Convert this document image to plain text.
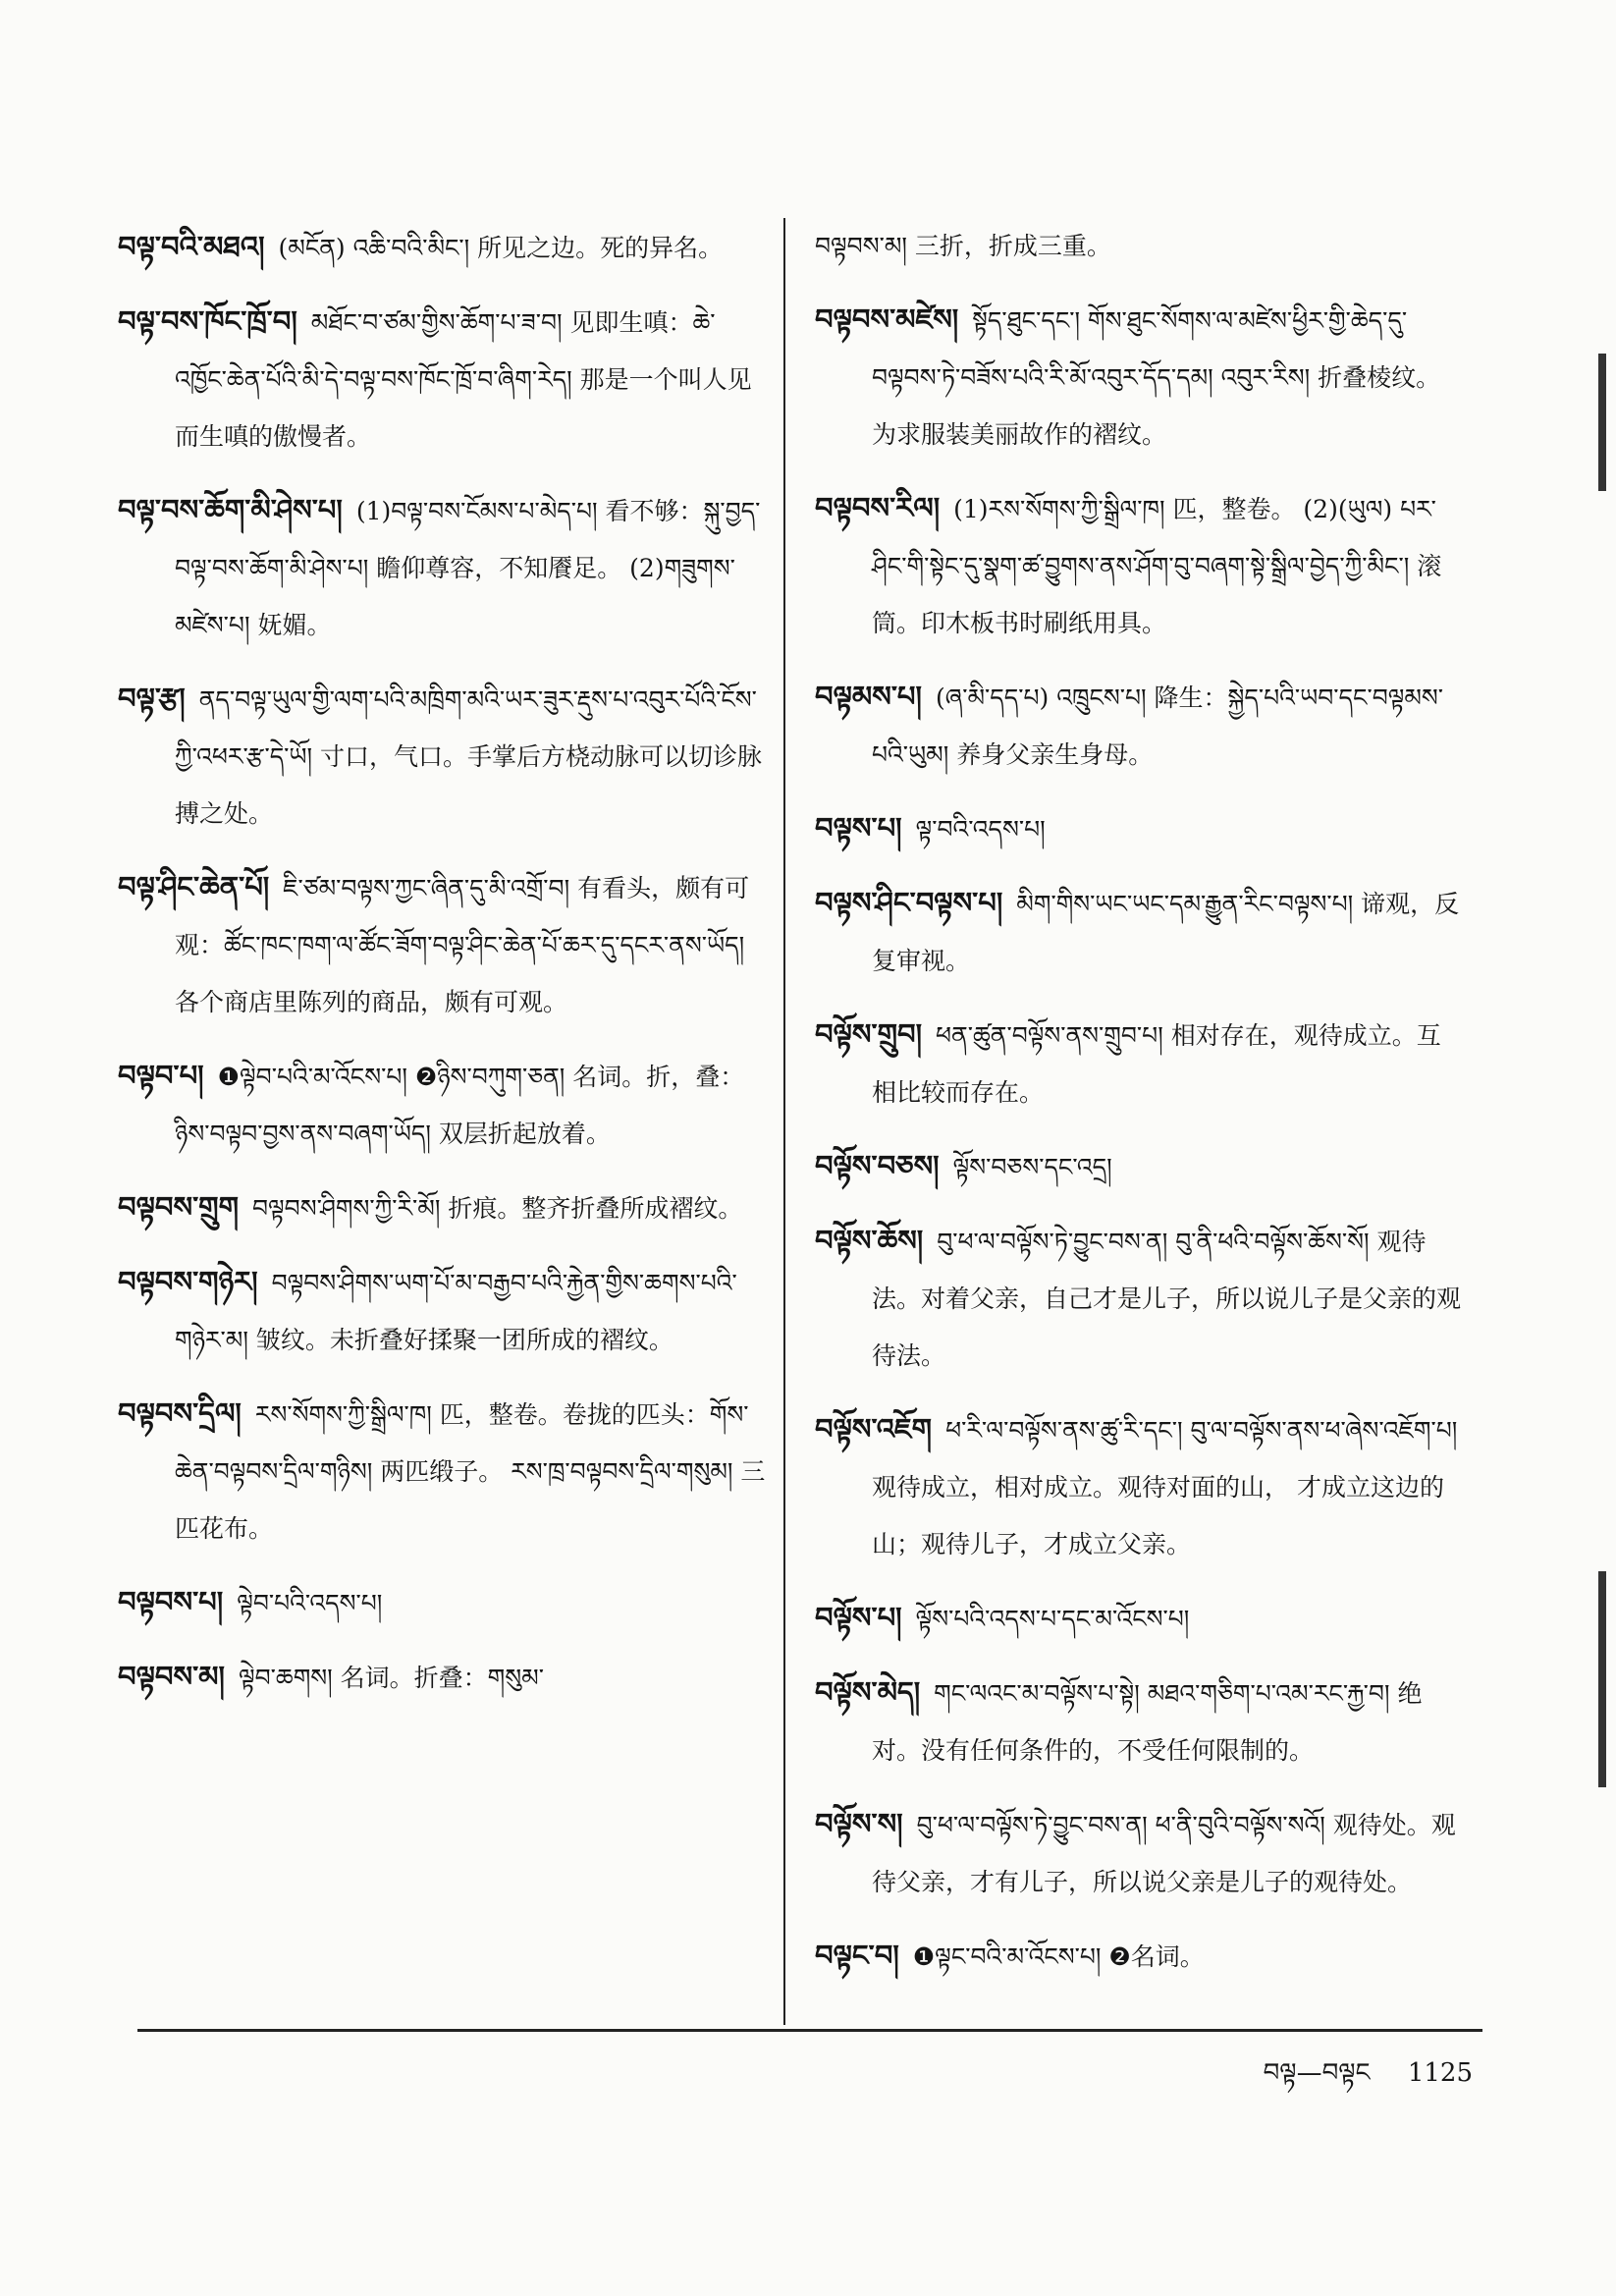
བལྟ་བའི་མཐའ། (མངོན) འཆི་བའི་མིང་། 所见之边。死的异名。

བལྟ་བས་ཁོང་ཁྲོ་བ། མཐོང་བ་ཙམ་གྱིས་ཆོག་པ་ཟ་བ། 见即生嗔：ཆེ་འཁྱོང་ཆེན་པོའི་མི་དེ་བལྟ་བས་ཁོང་ཁྲོ་བ་ཞིག་རེད། 那是一个叫人见而生嗔的傲慢者。

བལྟ་བས་ཆོག་མི་ཤེས་པ། (1)བལྟ་བས་ངོམས་པ་མེད་པ། 看不够：སྐུ་བྱད་བལྟ་བས་ཆོག་མི་ཤེས་པ། 瞻仰尊容，不知餍足。 (2)གཟུགས་མཛེས་པ། 妩媚。

བལྟ་རྩ། ནད་བལྟ་ཡུལ་གྱི་ལག་པའི་མཁྲིག་མའི་ཡར་ཟུར་རྡུས་པ་འབུར་པོའི་ངོས་ཀྱི་འཕར་རྩ་དེ་ཡོ། 寸口，气口。手掌后方桡动脉可以切诊脉搏之处。

བལྟ་ཤིང་ཆེན་པོ། ཇི་ཙམ་བལྟས་ཀྱང་ཞིན་དུ་མི་འགྲོ་བ། 有看头，颇有可观：ཚོང་ཁང་ཁག་ལ་ཚོང་ཟོག་བལྟ་ཤིང་ཆེན་པོ་ཆར་དུ་དངར་ནས་ཡོད། 各个商店里陈列的商品，颇有可观。

བལྟབ་པ། ❶ལྟེབ་པའི་མ་འོངས་པ། ❷ཉིས་བཀུག་ཅན། 名词。折，叠：ཉིས་བལྟབ་བྱས་ནས་བཞག་ཡོད། 双层折起放着。

བལྟབས་གྲུག བལྟབས་ཤིགས་ཀྱི་རི་མོ། 折痕。整齐折叠所成褶纹。

བལྟབས་གཉེར། བལྟབས་ཤིགས་ཡག་པོ་མ་བརྒྱབ་པའི་རྐྱེན་གྱིས་ཆགས་པའི་གཉེར་མ། 皱纹。未折叠好揉聚一团所成的褶纹。

བལྟབས་དྲིལ། རས་སོགས་ཀྱི་སྒྲིལ་ཁ། 匹，整卷。卷拢的匹头：གོས་ཆེན་བལྟབས་དྲིལ་གཉིས། 两匹缎子。 རས་ཁྲ་བལྟབས་དྲིལ་གསུམ། 三匹花布。

བལྟབས་པ། ལྟེབ་པའི་འདས་པ།

བལྟབས་མ། ལྟེབ་ཆགས། 名词。折叠：གསུམ་

བལྟབས་མ། 三折，折成三重。

བལྟབས་མཛེས། སྟོད་ཐུང་དང་། གོས་ཐུང་སོགས་ལ་མཛེས་ཕྱིར་གྱི་ཆེད་དུ་བལྟབས་ཏེ་བཟོས་པའི་རི་མོ་འབུར་དོད་དམ། འབུར་རིས། 折叠棱纹。为求服装美丽故作的褶纹。

བལྟབས་རིལ། (1)རས་སོགས་ཀྱི་སྒྲིལ་ཁ། 匹，整卷。 (2)(ཡུལ) པར་ཤིང་གི་སྟེང་དུ་སྣག་ཚ་བྱུགས་ནས་ཤོག་བུ་བཞག་སྟེ་སྒྲིལ་བྱེད་ཀྱི་མིང་། 滚筒。印木板书时刷纸用具。

བལྟམས་པ། (ཞ་མི་དད་པ) འཁྲུངས་པ། 降生：སྐྱེད་པའི་ཡབ་དང་བལྟམས་པའི་ཡུམ། 养身父亲生身母。

བལྟས་པ། ལྟ་བའི་འདས་པ།

བལྟས་ཤིང་བལྟས་པ། མིག་གིས་ཡང་ཡང་དམ་རྒྱུན་རིང་བལྟས་པ། 谛观，反复审视。

བལྟོས་གྲུབ། ཕན་ཚུན་བལྟོས་ནས་གྲུབ་པ། 相对存在，观待成立。互相比较而存在。

བལྟོས་བཅས། ལྟོས་བཅས་དང་འདྲ།

བལྟོས་ཆོས། བུ་ཕ་ལ་བལྟོས་ཏེ་བྱུང་བས་ན། བུ་ནི་ཕའི་བལྟོས་ཆོས་སོ། 观待法。对着父亲，自己才是儿子，所以说儿子是父亲的观待法。

བལྟོས་འཇོག ཕ་རི་ལ་བལྟོས་ནས་ཚུ་རི་དང་། བུ་ལ་བལྟོས་ནས་ཕ་ཞེས་འཇོག་པ། 观待成立，相对成立。观待对面的山， 才成立这边的山；观待儿子，才成立父亲。

བལྟོས་པ། ལྟོས་པའི་འདས་པ་དང་མ་འོངས་པ།

བལྟོས་མེད། གང་ལའང་མ་བལྟོས་པ་སྟེ། མཐའ་གཅིག་པ་འམ་རང་རྐྱ་བ། 绝对。没有任何条件的，不受任何限制的。

བལྟོས་ས། བུ་ཕ་ལ་བལྟོས་ཏེ་བྱུང་བས་ན། ཕ་ནི་བུའི་བལྟོས་སའོ། 观待处。观待父亲，才有儿子，所以说父亲是儿子的观待处。

བལྟང་བ། ❶ལྟང་བའི་མ་འོངས་པ། ❷名词。

བལྟ—བལྟང 1125
